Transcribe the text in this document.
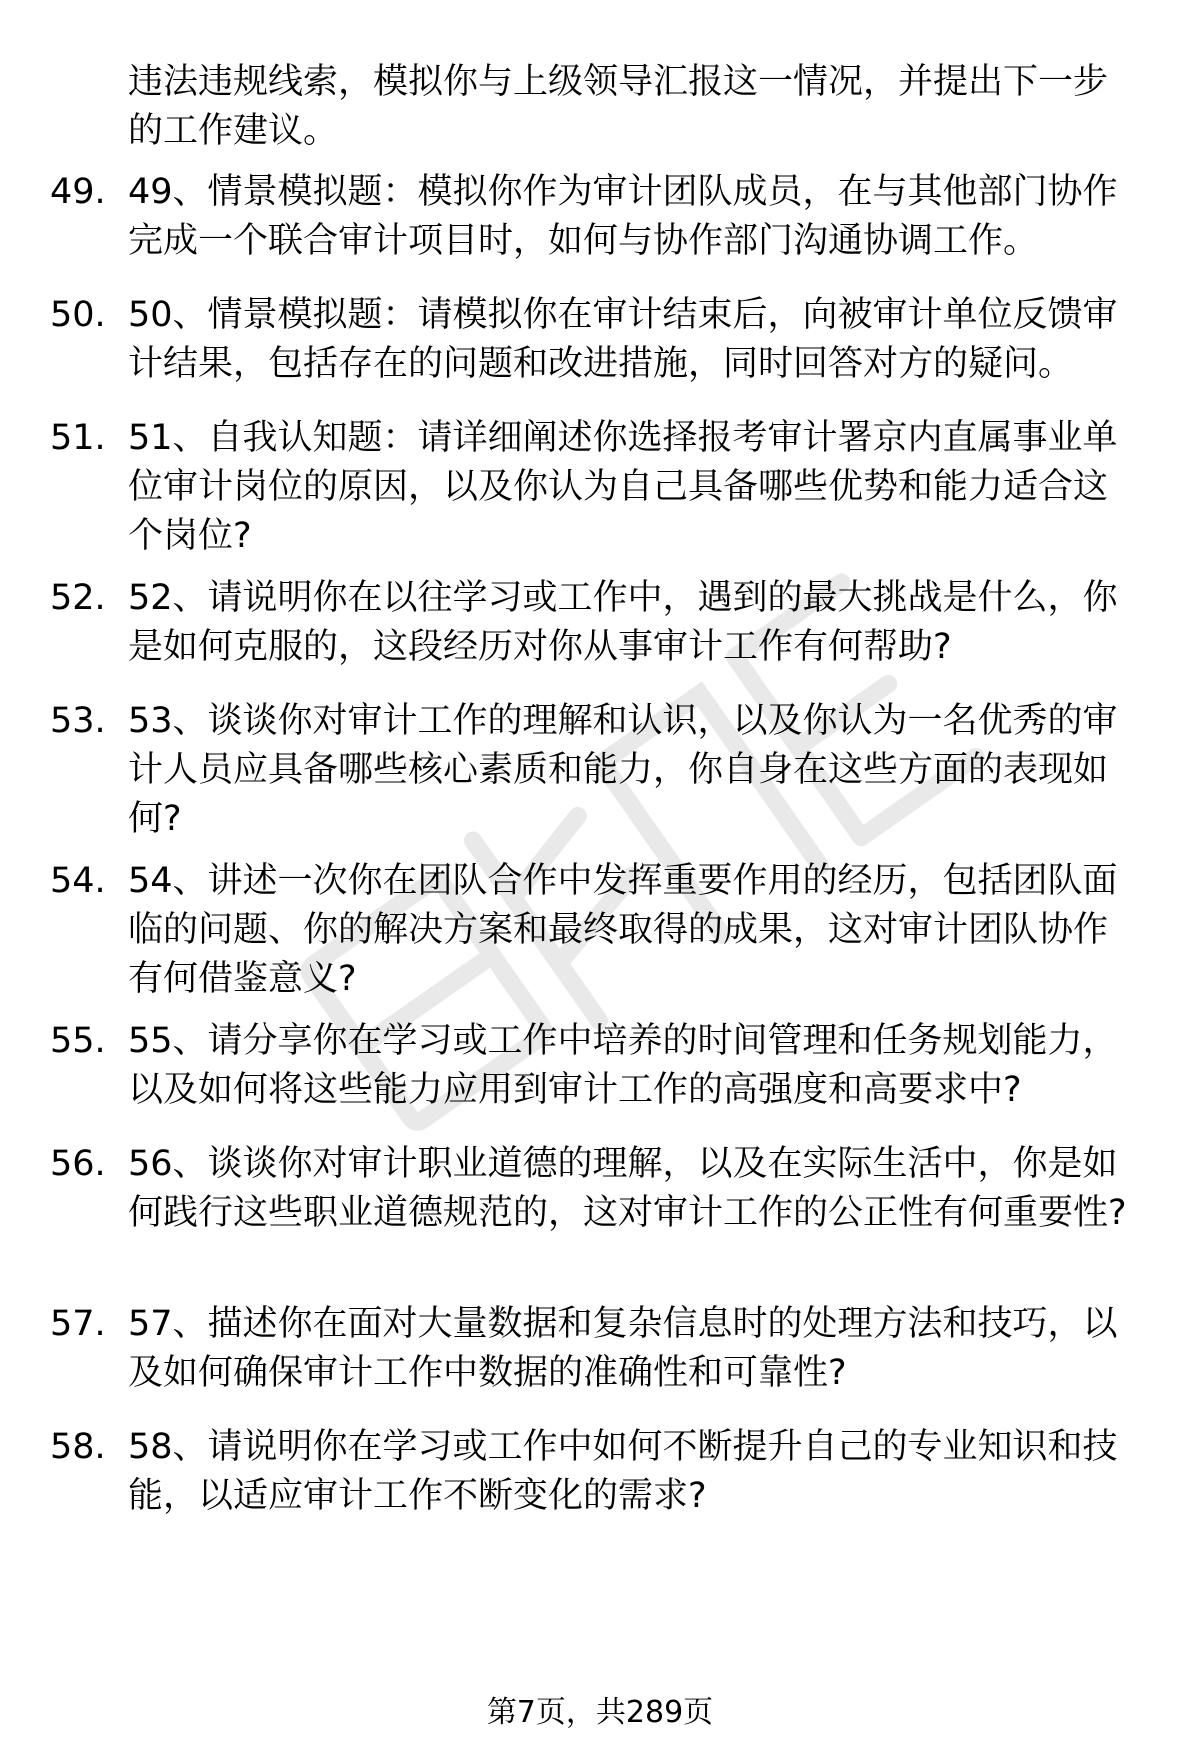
违法违规线索，模拟你与上级领导汇报这一情况，并提出下一步的工作建议。

49. 49、情景模拟题：模拟你作为审计团队成员，在与其他部门协作完成一个联合审计项目时，如何与协作部门沟通协调工作。
50. 50、情景模拟题：请模拟你在审计结束后，向被审计单位反馈审计结果，包括存在的问题和改进措施，同时回答对方的疑问。
51. 51、自我认知题：请详细阐述你选择报考审计署京内直属事业单位审计岗位的原因，以及你认为自己具备哪些优势和能力适合这个岗位?
52. 52、请说明你在以往学习或工作中，遇到的最大挑战是什么，你是如何克服的，这段经历对你从事审计工作有何帮助?
53. 53、谈谈你对审计工作的理解和认识，以及你认为一名优秀的审计人员应具备哪些核心素质和能力，你自身在这些方面的表现如何?
54. 54、讲述一次你在团队合作中发挥重要作用的经历，包括团队面临的问题、你的解决方案和最终取得的成果，这对审计团队协作有何借鉴意义?
55. 55、请分享你在学习或工作中培养的时间管理和任务规划能力，以及如何将这些能力应用到审计工作的高强度和高要求中?
56. 56、谈谈你对审计职业道德的理解，以及在实际生活中，你是如何践行这些职业道德规范的，这对审计工作的公正性有何重要性?
57. 57、描述你在面对大量数据和复杂信息时的处理方法和技巧，以及如何确保审计工作中数据的准确性和可靠性?
58. 58、请说明你在学习或工作中如何不断提升自己的专业知识和技能，以适应审计工作不断变化的需求?
第7页，共289页
